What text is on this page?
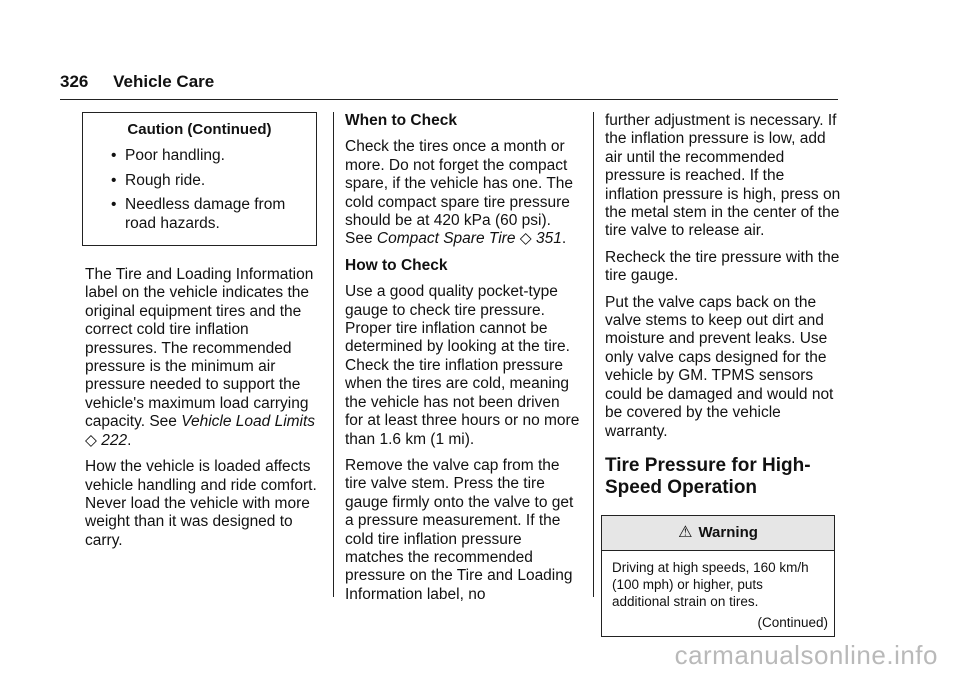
326 Vehicle Care
Caution (Continued)
• Poor handling.
• Rough ride.
• Needless damage from road hazards.

The Tire and Loading Information label on the vehicle indicates the original equipment tires and the correct cold tire inflation pressures. The recommended pressure is the minimum air pressure needed to support the vehicle's maximum load carrying capacity. See Vehicle Load Limits ◇ 222.

How the vehicle is loaded affects vehicle handling and ride comfort. Never load the vehicle with more weight than it was designed to carry.

When to Check

Check the tires once a month or more. Do not forget the compact spare, if the vehicle has one. The cold compact spare tire pressure should be at 420 kPa (60 psi). See Compact Spare Tire ◇ 351.

How to Check

Use a good quality pocket-type gauge to check tire pressure. Proper tire inflation cannot be determined by looking at the tire. Check the tire inflation pressure when the tires are cold, meaning the vehicle has not been driven for at least three hours or no more than 1.6 km (1 mi).

Remove the valve cap from the tire valve stem. Press the tire gauge firmly onto the valve to get a pressure measurement. If the cold tire inflation pressure matches the recommended pressure on the Tire and Loading Information label, no

further adjustment is necessary. If the inflation pressure is low, add air until the recommended pressure is reached. If the inflation pressure is high, press on the metal stem in the center of the tire valve to release air.

Recheck the tire pressure with the tire gauge.

Put the valve caps back on the valve stems to keep out dirt and moisture and prevent leaks. Use only valve caps designed for the vehicle by GM. TPMS sensors could be damaged and would not be covered by the vehicle warranty.

Tire Pressure for High-Speed Operation
⚠ Warning
Driving at high speeds, 160 km/h (100 mph) or higher, puts additional strain on tires.
(Continued)
carmanualsonline.info
